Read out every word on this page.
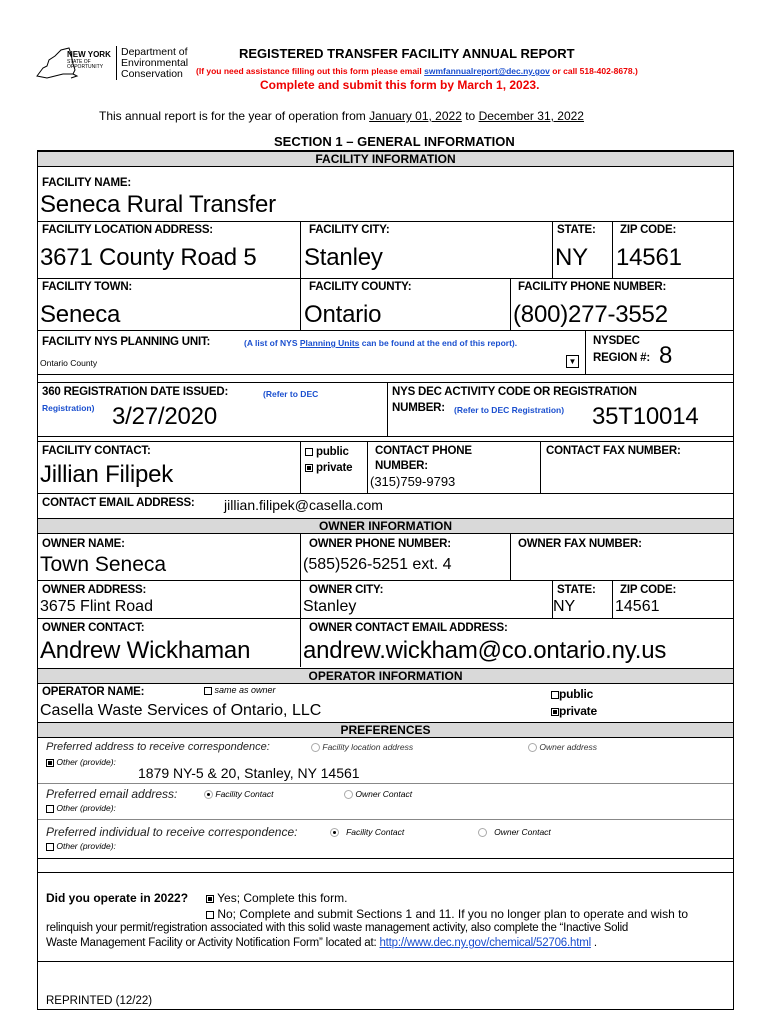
NEW YORK
STATE OF
OPPORTUNITY
Department of
Environmental
Conservation
REGISTERED TRANSFER FACILITY ANNUAL REPORT
(If you need assistance filling out this form please email swmfannualreport@dec.ny.gov or call 518-402-8678.)
Complete and submit this form by March 1, 2023.
This annual report is for the year of operation from January 01, 2022 to December 31, 2022
SECTION 1 – GENERAL INFORMATION
FACILITY INFORMATION
FACILITY NAME:
Seneca Rural Transfer
FACILITY LOCATION ADDRESS:
3671 County Road 5
FACILITY CITY:
Stanley
STATE:
NY
ZIP CODE:
14561
FACILITY TOWN:
Seneca
FACILITY COUNTY:
Ontario
FACILITY PHONE NUMBER:
(800)277-3552
FACILITY NYS PLANNING UNIT:	(A list of NYS Planning Units can be found at the end of this report).
Ontario County	▼
NYSDEC
REGION #: 8
360 REGISTRATION DATE ISSUED:	(Refer to DEC
Registration) 3/27/2020
NYS DEC ACTIVITY CODE OR REGISTRATION
NUMBER: (Refer to DEC Registration) 35T10014
FACILITY CONTACT:
Jillian Filipek
public
private
CONTACT PHONE
NUMBER:
(315)759-9793
CONTACT FAX NUMBER:
CONTACT EMAIL ADDRESS: jillian.filipek@casella.com
OWNER INFORMATION
OWNER NAME:
Town Seneca
OWNER PHONE NUMBER:
(585)526-5251 ext. 4
OWNER FAX NUMBER:
OWNER ADDRESS:
3675 Flint Road
OWNER CITY:
Stanley
STATE:
NY
ZIP CODE:
14561
OWNER CONTACT:
Andrew Wickhaman
OWNER CONTACT EMAIL ADDRESS:
andrew.wickham@co.ontario.ny.us
OPERATOR INFORMATION
OPERATOR NAME:	same as owner
Casella Waste Services of Ontario, LLC
public
private
PREFERENCES
Preferred address to receive correspondence:	Facility location address	Owner address
Other (provide):
1879 NY-5 & 20, Stanley, NY 14561
Preferred email address:	Facility Contact	Owner Contact
Other (provide):
Preferred individual to receive correspondence:	Facility Contact	Owner Contact
Other (provide):
Did you operate in 2022?	Yes; Complete this form.
No; Complete and submit Sections 1 and 11. If you no longer plan to operate and wish to
relinquish your permit/registration associated with this solid waste management activity, also complete the “Inactive Solid
Waste Management Facility or Activity Notification Form” located at: http://www.dec.ny.gov/chemical/52706.html .
REPRINTED (12/22)
